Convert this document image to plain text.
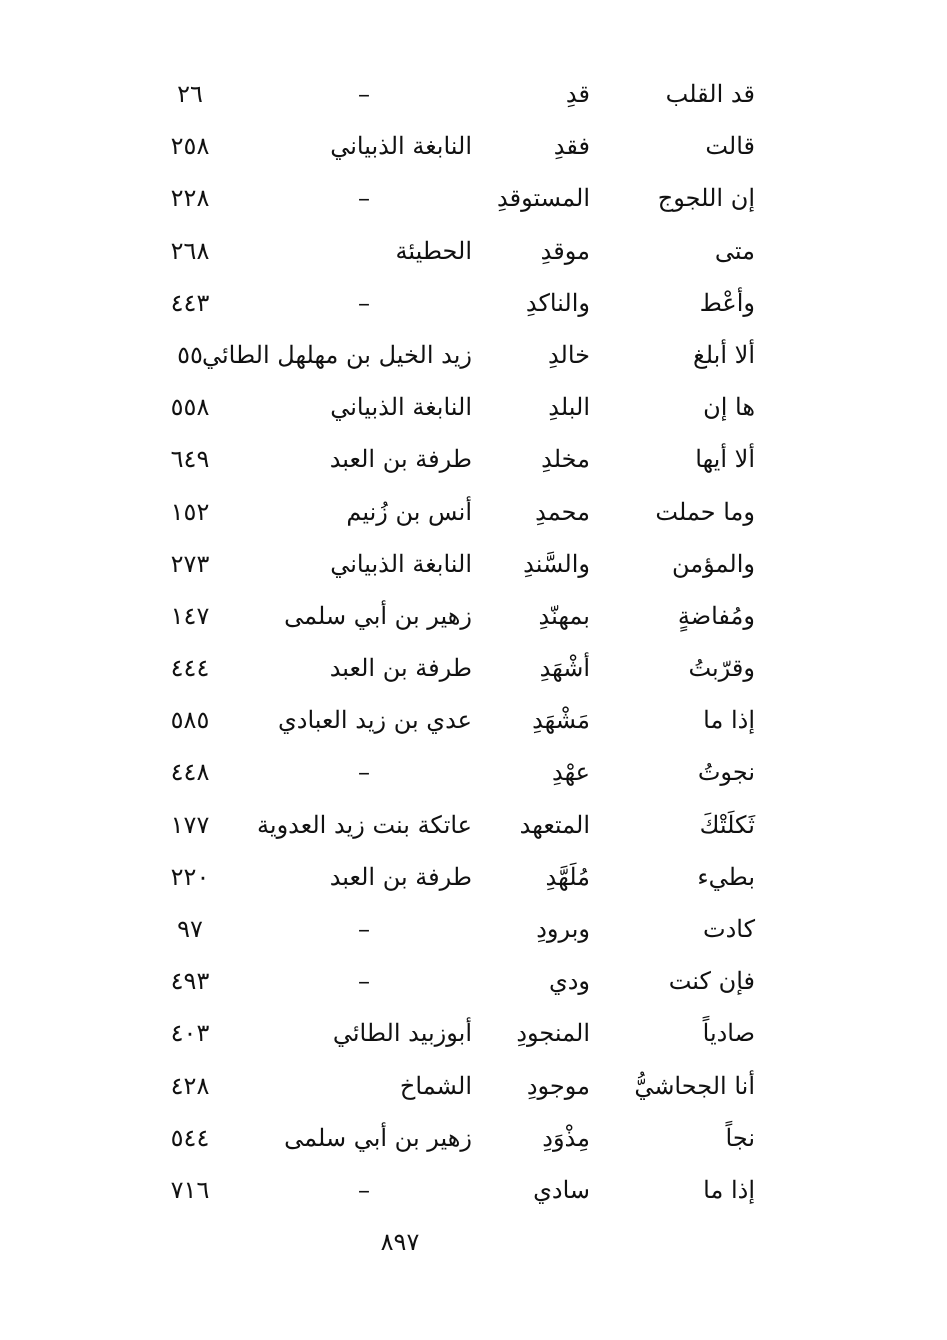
قد القلب
قدِ
–
٢٦
قالت
فقدِ
النابغة الذبياني
٢٥٨
إن اللجوج
المستوقدِ
–
٢٢٨
متى
موقدِ
الحطيئة
٢٦٨
وأعْط
والناكدِ
–
٤٤٣
ألا أبلغ
خالدِ
زيد الخيل بن مهلهل الطائي
٥٥
ها إن
البلدِ
النابغة الذبياني
٥٥٨
ألا أيها
مخلدِ
طرفة بن العبد
٦٤٩
وما حملت
محمدِ
أنس بن زُنيم
١٥٢
والمؤمن
والسَّندِ
النابغة الذبياني
٢٧٣
ومُفاضةٍ
بمهنّدِ
زهير بن أبي سلمى
١٤٧
وقرّبتُ
أشْهَدِ
طرفة بن العبد
٤٤٤
إذا ما
مَشْهَدِ
عدي بن زيد العبادي
٥٨٥
نجوتُ
عهْدِ
–
٤٤٨
ثَكلَتْكَ
المتعهد
عاتكة بنت زيد العدوية
١٧٧
بطيء
مُلَهَّدِ
طرفة بن العبد
٢٢٠
كادت
وبرودِ
–
٩٧
فإن كنت
ودي
–
٤٩٣
صادياً
المنجودِ
أبوزبيد الطائي
٤٠٣
أنا الجحاشيُّ
موجودِ
الشماخ
٤٢٨
نجاً
مِذْوَدِ
زهير بن أبي سلمى
٥٤٤
إذا ما
سادي
–
٧١٦
٨٩٧
